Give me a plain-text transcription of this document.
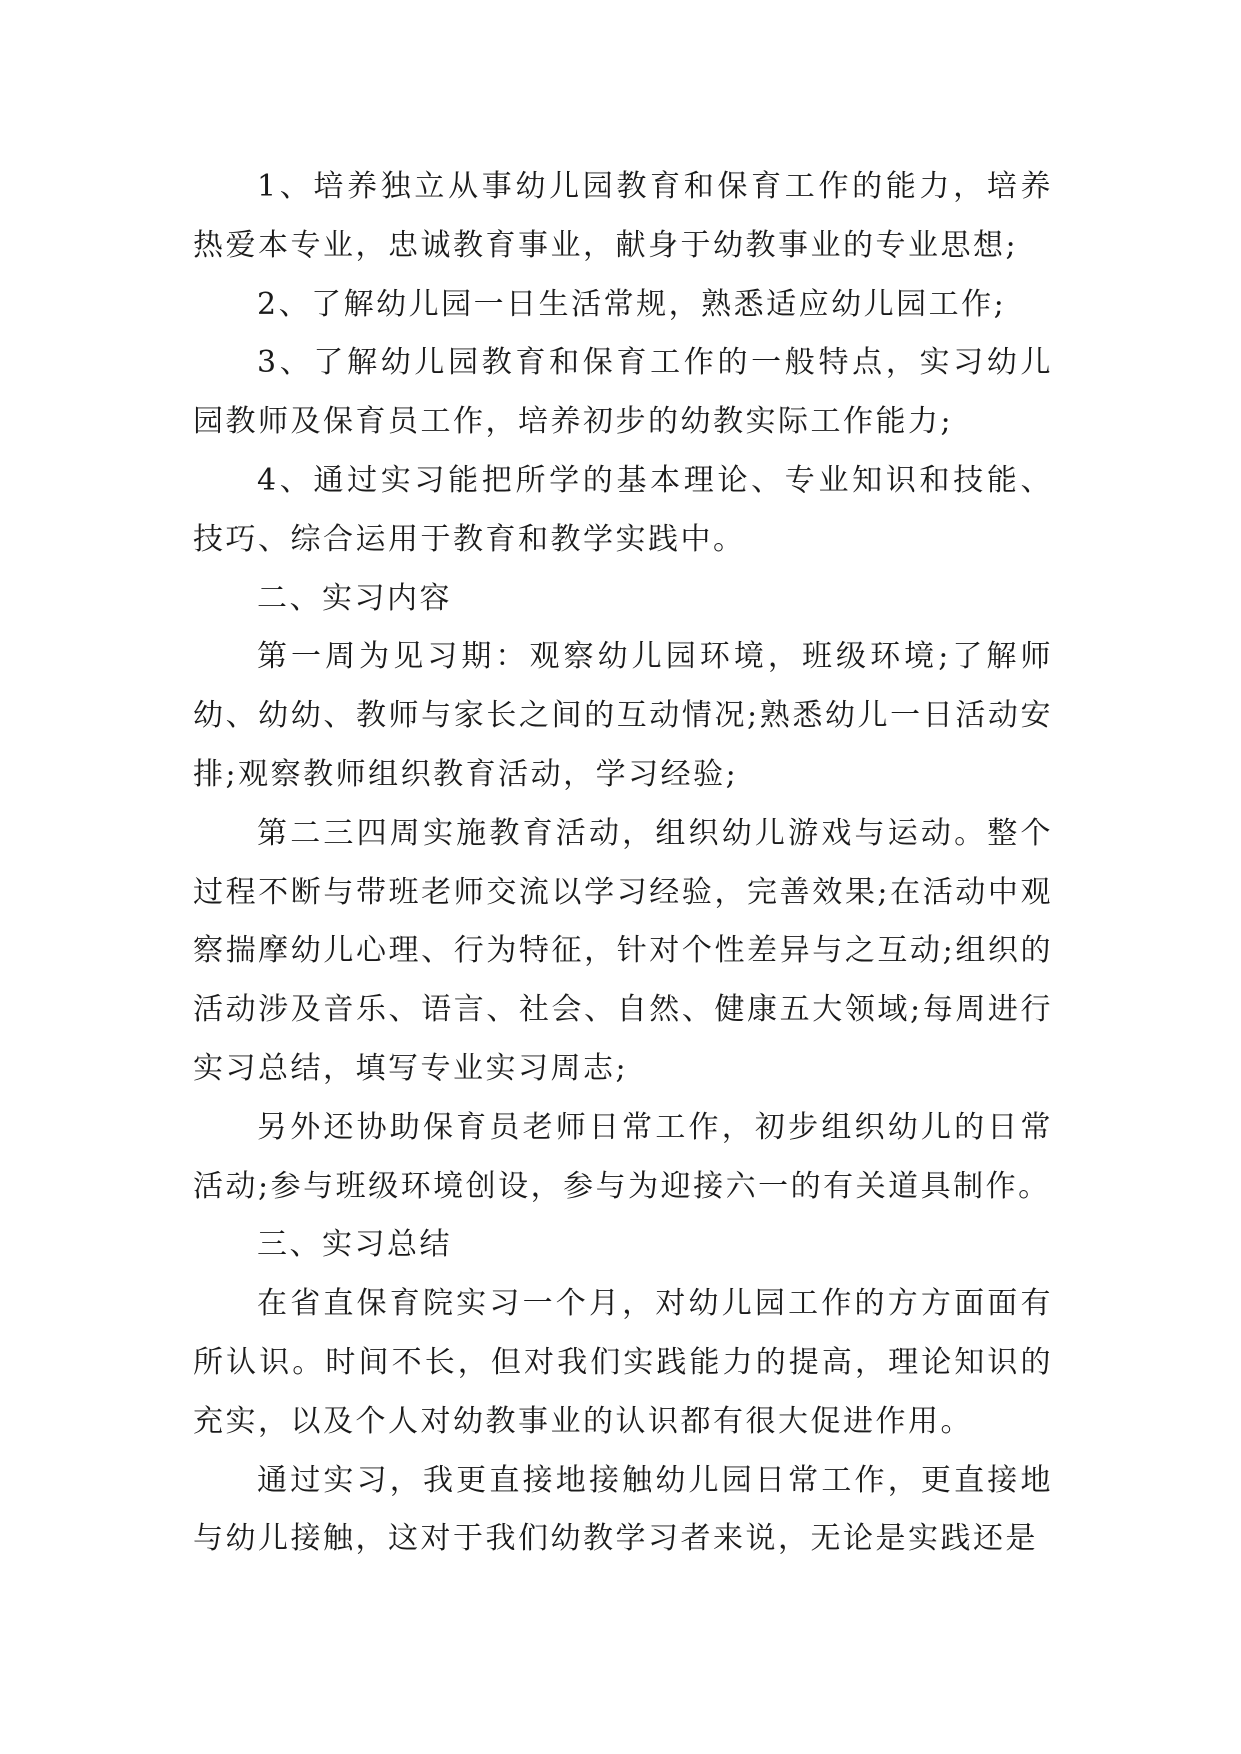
1、培养独立从事幼儿园教育和保育工作的能力，培养热爱本专业，忠诚教育事业，献身于幼教事业的专业思想;

2、了解幼儿园一日生活常规，熟悉适应幼儿园工作;

3、了解幼儿园教育和保育工作的一般特点，实习幼儿园教师及保育员工作，培养初步的幼教实际工作能力;

4、通过实习能把所学的基本理论、专业知识和技能、技巧、综合运用于教育和教学实践中。

二、实习内容

第一周为见习期：观察幼儿园环境，班级环境;了解师幼、幼幼、教师与家长之间的互动情况;熟悉幼儿一日活动安排;观察教师组织教育活动，学习经验;

第二三四周实施教育活动，组织幼儿游戏与运动。整个过程不断与带班老师交流以学习经验，完善效果;在活动中观察揣摩幼儿心理、行为特征，针对个性差异与之互动;组织的活动涉及音乐、语言、社会、自然、健康五大领域;每周进行实习总结，填写专业实习周志;

另外还协助保育员老师日常工作，初步组织幼儿的日常活动;参与班级环境创设，参与为迎接六一的有关道具制作。

三、实习总结

在省直保育院实习一个月，对幼儿园工作的方方面面有所认识。时间不长，但对我们实践能力的提高，理论知识的充实，以及个人对幼教事业的认识都有很大促进作用。

通过实习，我更直接地接触幼儿园日常工作，更直接地与幼儿接触，这对于我们幼教学习者来说，无论是实践还是
